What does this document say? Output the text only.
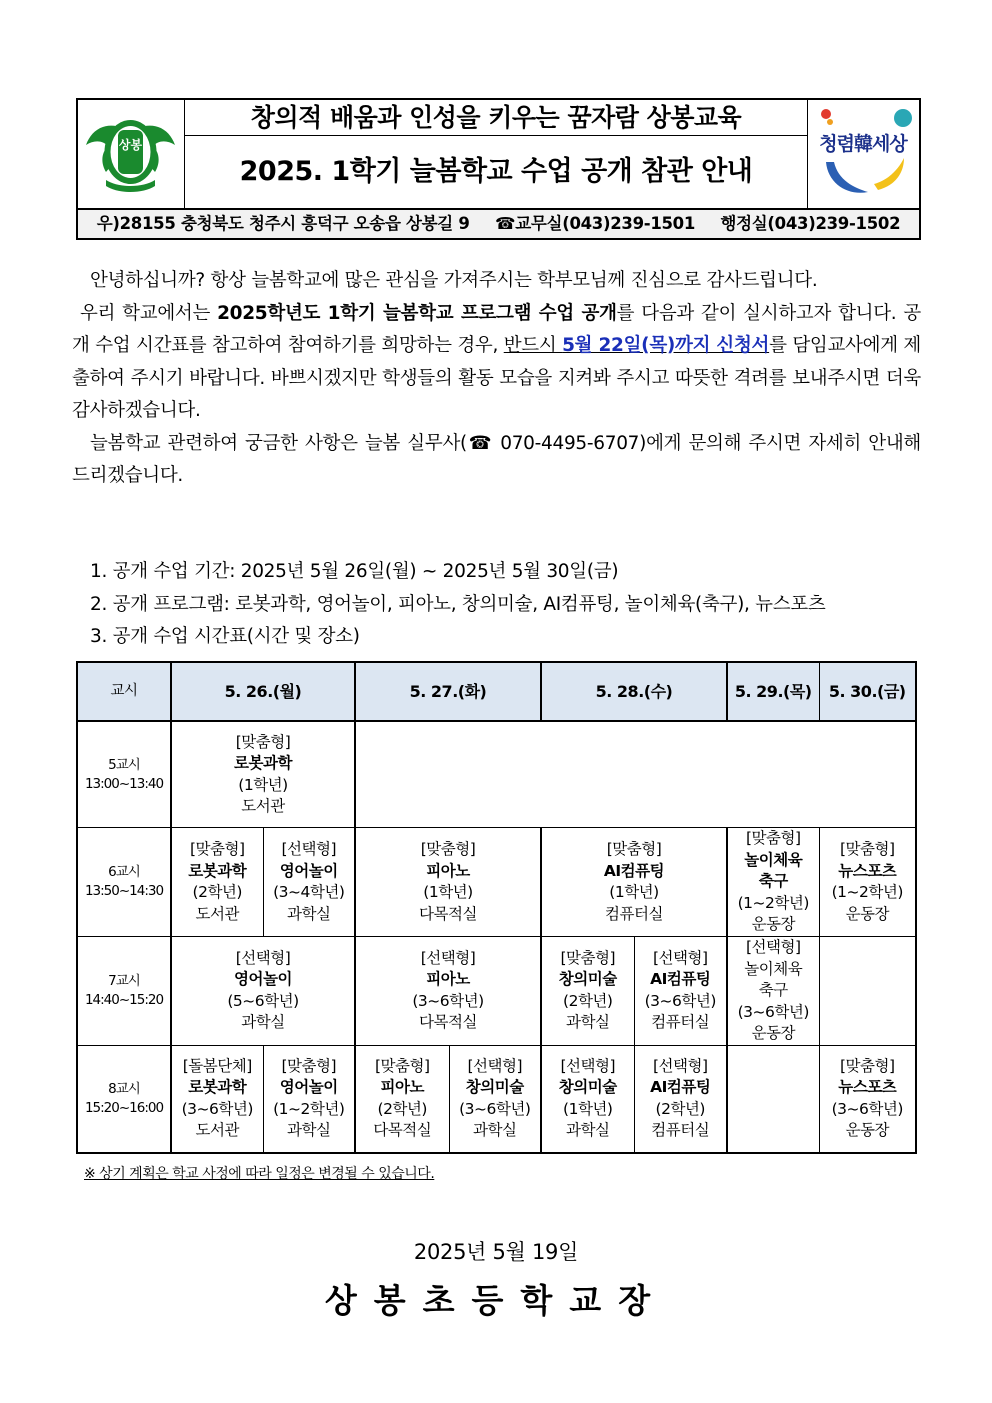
상봉
창의적 배움과 인성을 키우는 꿈자람 상봉교육
2025. 1학기 늘봄학교 수업 공개 참관 안내
청렴韓세상
우)28155 충청북도 청주시 흥덕구 오송읍 상봉길 9 ☎교무실(043)239-1501 행정실(043)239-1502

안녕하십니까? 항상 늘봄학교에 많은 관심을 가져주시는 학부모님께 진심으로 감사드립니다.

우리 학교에서는 2025학년도 1학기 늘봄학교 프로그램 수업 공개를 다음과 같이 실시하고자 합니다. 공개 수업 시간표를 참고하여 참여하기를 희망하는 경우, 반드시 5월 22일(목)까지 신청서를 담임교사에게 제출하여 주시기 바랍니다. 바쁘시겠지만 학생들의 활동 모습을 지켜봐 주시고 따뜻한 격려를 보내주시면 더욱 감사하겠습니다.

늘봄학교 관련하여 궁금한 사항은 늘봄 실무사(☎ 070-4495-6707)에게 문의해 주시면 자세히 안내해 드리겠습니다.

1. 공개 수업 기간: 2025년 5월 26일(월) ~ 2025년 5월 30일(금)
2. 공개 프로그램: 로봇과학, 영어놀이, 피아노, 창의미술, AI컴퓨팅, 놀이체육(축구), 뉴스포츠
3. 공개 수업 시간표(시간 및 장소)
교시	5. 26.(월)		5. 27.(화)		5. 28.(수)		5. 29.(목)	5. 30.(금)

5교시
13:00~13:40	[맞춤형]
로봇과학
(1학년)
도서관							

6교시
13:50~14:30	[맞춤형]
로봇과학
(2학년)
도서관	[선택형]
영어놀이
(3~4학년)
과학실	[맞춤형]
피아노
(1학년)
다목적실		[맞춤형]
AI컴퓨팅
(1학년)
컴퓨터실		[맞춤형]
놀이체육
축구
(1~2학년)
운동장	[맞춤형]
뉴스포츠
(1~2학년)
운동장

7교시
14:40~15:20	[선택형]
영어놀이
(5~6학년)
과학실		[선택형]
피아노
(3~6학년)
다목적실		[맞춤형]
창의미술
(2학년)
과학실	[선택형]
AI컴퓨팅
(3~6학년)
컴퓨터실	[선택형]
놀이체육
축구
(3~6학년)
운동장	

8교시
15:20~16:00	[돌봄단체]
로봇과학
(3~6학년)
도서관	[맞춤형]
영어놀이
(1~2학년)
과학실	[맞춤형]
피아노
(2학년)
다목적실	[선택형]
창의미술
(3~6학년)
과학실	[선택형]
창의미술
(1학년)
과학실	[선택형]
AI컴퓨팅
(2학년)
컴퓨터실		[맞춤형]
뉴스포츠
(3~6학년)
운동장
※ 상기 계획은 학교 사정에 따라 일정은 변경될 수 있습니다.
2025년 5월 19일
상봉초등학교장
